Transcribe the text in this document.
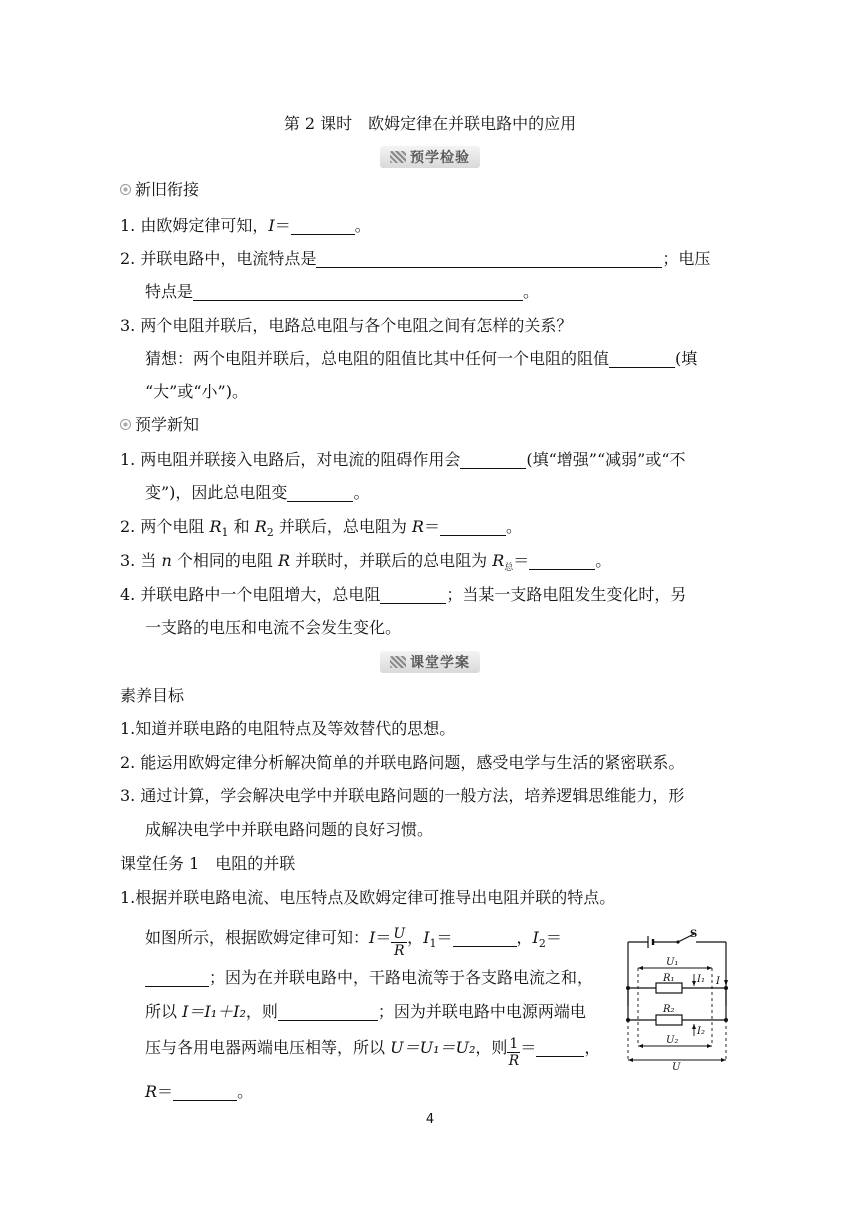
第 2 课时　欧姆定律在并联电路中的应用
预学检验
新旧衔接
1. 由欧姆定律可知，I＝	。
2. 并联电路中，电流特点是	；电压
特点是	。
3. 两个电阻并联后，电路总电阻与各个电阻之间有怎样的关系？
猜想：两个电阻并联后，总电阻的阻值比其中任何一个电阻的阻值	(填
“大”或“小”)。
预学新知
1. 两电阻并联接入电路后，对电流的阻碍作用会	(填“增强”“减弱”或“不
变”)，因此总电阻变	。
2. 两个电阻 $R_1$ 和 $R_2$ 并联后，总电阻为 R＝	。
3. 当 n 个相同的电阻 R 并联时，并联后的总电阻为 $R_总=$	。
4. 并联电路中一个电阻增大，总电阻	；当某一支路电阻发生变化时，另
一支路的电压和电流不会发生变化。
课堂学案
素养目标
1.知道并联电路的电阻特点及等效替代的思想。
2. 能运用欧姆定律分析解决简单的并联电路问题，感受电学与生活的紧密联系。
3. 通过计算，学会解决电学中并联电路问题的一般方法，培养逻辑思维能力，形
成解决电学中并联电路问题的良好习惯。
课堂任务 1　电阻的并联
1.根据并联电路电流、电压特点及欧姆定律可推导出电阻并联的特点。
如图所示，根据欧姆定律可知：$I= \frac{U}{R}$ ，$I_1=$	，$I_2=$
；因为在并联电路中，干路电流等于各支路电流之和，
所以 I＝I₁＋I₂，则	；因为并联电路中电源两端电
压与各用电器两端电压相等，所以 U＝U₁＝U₂，则 $\frac{1}{R}$ ＝	，
R＝	。
S
U₁
R₁ I₁ I
R₂
I₂
U₂
U
4
